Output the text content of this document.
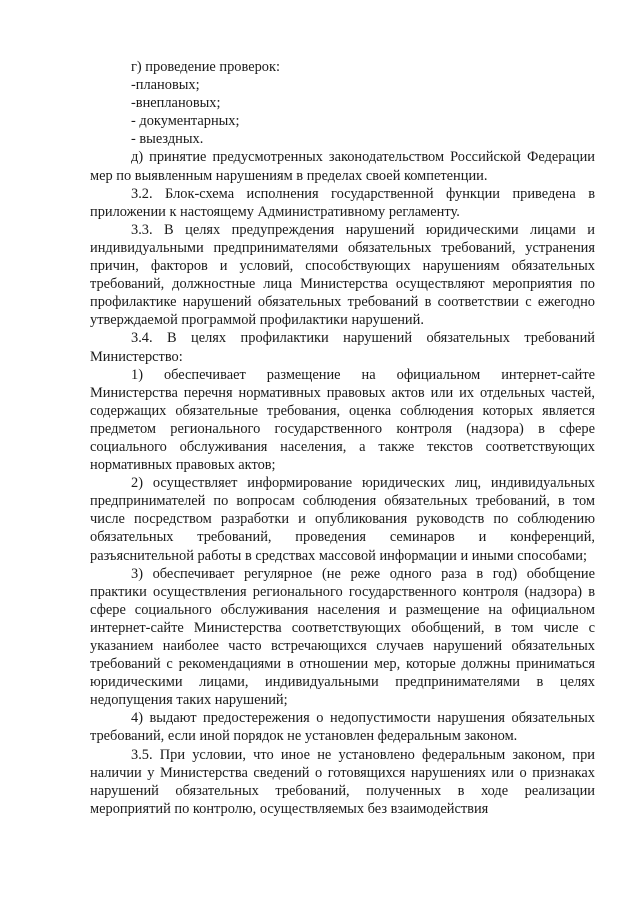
г) проведение проверок:

-плановых;

-внеплановых;

- документарных;

- выездных.

д) принятие предусмотренных законодательством Российской Федерации мер по выявленным нарушениям в пределах своей компетенции.

3.2. Блок-схема исполнения государственной функции приведена в приложении к настоящему Административному регламенту.

3.3. В целях предупреждения нарушений юридическими лицами и индивидуальными предпринимателями обязательных требований, устранения причин, факторов и условий, способствующих нарушениям обязательных требований, должностные лица Министерства осуществляют мероприятия по профилактике нарушений обязательных требований в соответствии с ежегодно утверждаемой программой профилактики нарушений.

3.4. В целях профилактики нарушений обязательных требований Министерство:

1) обеспечивает размещение на официальном интернет-сайте Министерства перечня нормативных правовых актов или их отдельных частей, содержащих обязательные требования, оценка соблюдения которых является предметом регионального государственного контроля (надзора) в сфере социального обслуживания населения, а также текстов соответствующих нормативных правовых актов;

2) осуществляет информирование юридических лиц, индивидуальных предпринимателей по вопросам соблюдения обязательных требований, в том числе посредством разработки и опубликования руководств по соблюдению обязательных требований, проведения семинаров и конференций, разъяснительной работы в средствах массовой информации и иными способами;

3) обеспечивает регулярное (не реже одного раза в год) обобщение практики осуществления регионального государственного контроля (надзора) в сфере социального обслуживания населения и размещение на официальном интернет-сайте Министерства соответствующих обобщений, в том числе с указанием наиболее часто встречающихся случаев нарушений обязательных требований с рекомендациями в отношении мер, которые должны приниматься юридическими лицами, индивидуальными предпринимателями в целях недопущения таких нарушений;

4) выдают предостережения о недопустимости нарушения обязательных требований, если иной порядок не установлен федеральным законом.

3.5. При условии, что иное не установлено федеральным законом, при наличии у Министерства сведений о готовящихся нарушениях или о признаках нарушений обязательных требований, полученных в ходе реализации мероприятий по контролю, осуществляемых без взаимодействия
